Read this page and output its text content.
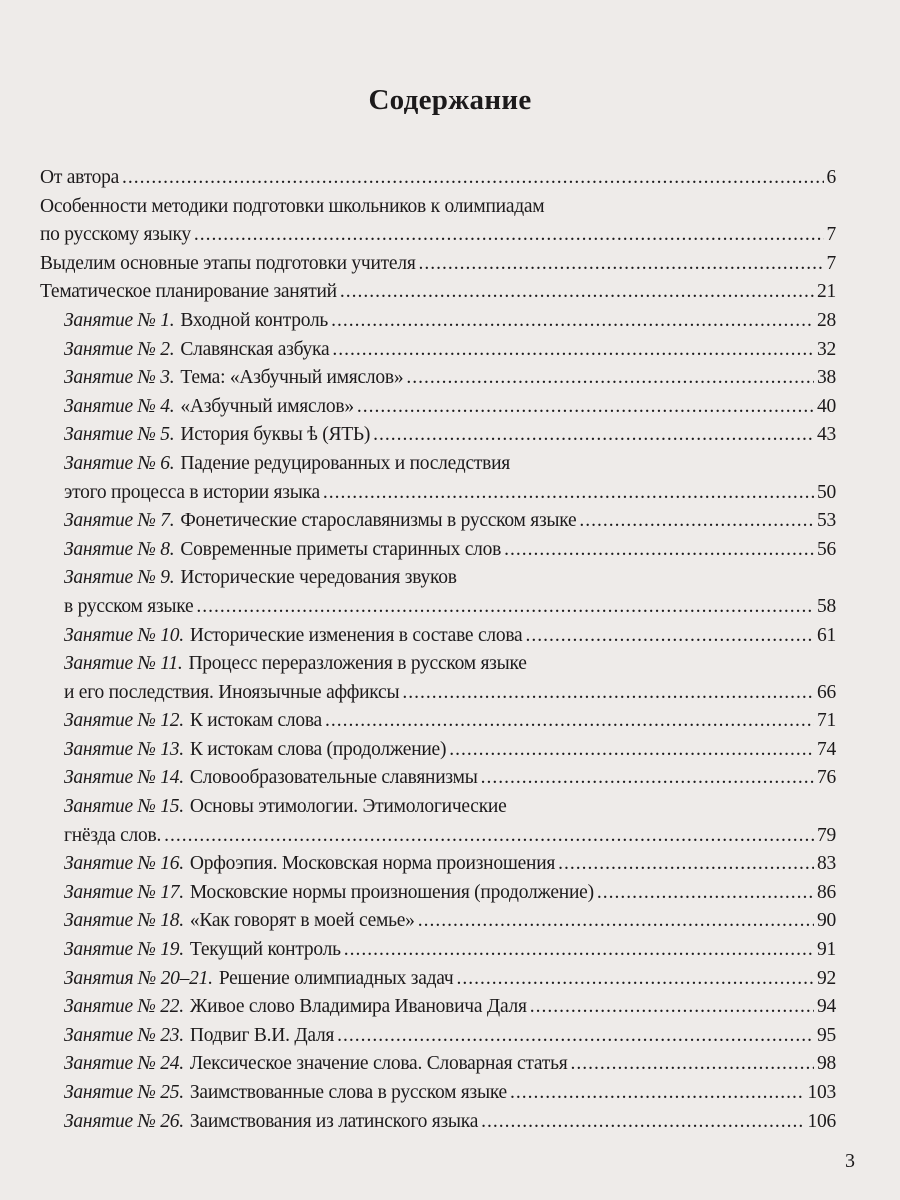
Содержание
От автора .....	6
Особенности методики подготовки школьников к олимпиадам
по русскому языку .....	7
Выделим основные этапы подготовки учителя .....	7
Тематическое планирование занятий .....	21
Занятие № 1. Входной контроль .....	28
Занятие № 2. Славянская азбука .....	32
Занятие № 3. Тема: «Азбучный имяслов» .....	38
Занятие № 4. «Азбучный имяслов» .....	40
Занятие № 5. История буквы ѣ (ЯТЬ) .....	43
Занятие № 6. Падение редуцированных и последствия
этого процесса в истории языка .....	50
Занятие № 7. Фонетические старославянизмы в русском языке .....	53
Занятие № 8. Современные приметы старинных слов .....	56
Занятие № 9. Исторические чередования звуков
в русском языке .....	58
Занятие № 10. Исторические изменения в составе слова .....	61
Занятие № 11. Процесс переразложения в русском языке
и его последствия. Иноязычные аффиксы .....	66
Занятие № 12. К истокам слова .....	71
Занятие № 13. К истокам слова (продолжение) .....	74
Занятие № 14. Словообразовательные славянизмы .....	76
Занятие № 15. Основы этимологии. Этимологические
гнёзда слов. .....	79
Занятие № 16. Орфоэпия. Московская норма произношения .....	83
Занятие № 17. Московские нормы произношения (продолжение) .....	86
Занятие № 18. «Как говорят в моей семье» .....	90
Занятие № 19. Текущий контроль .....	91
Занятия № 20–21. Решение олимпиадных задач .....	92
Занятие № 22. Живое слово Владимира Ивановича Даля .....	94
Занятие № 23. Подвиг В.И. Даля .....	95
Занятие № 24. Лексическое значение слова. Словарная статья .....	98
Занятие № 25. Заимствованные слова в русском языке .....	103
Занятие № 26. Заимствования из латинского языка .....	106
3
